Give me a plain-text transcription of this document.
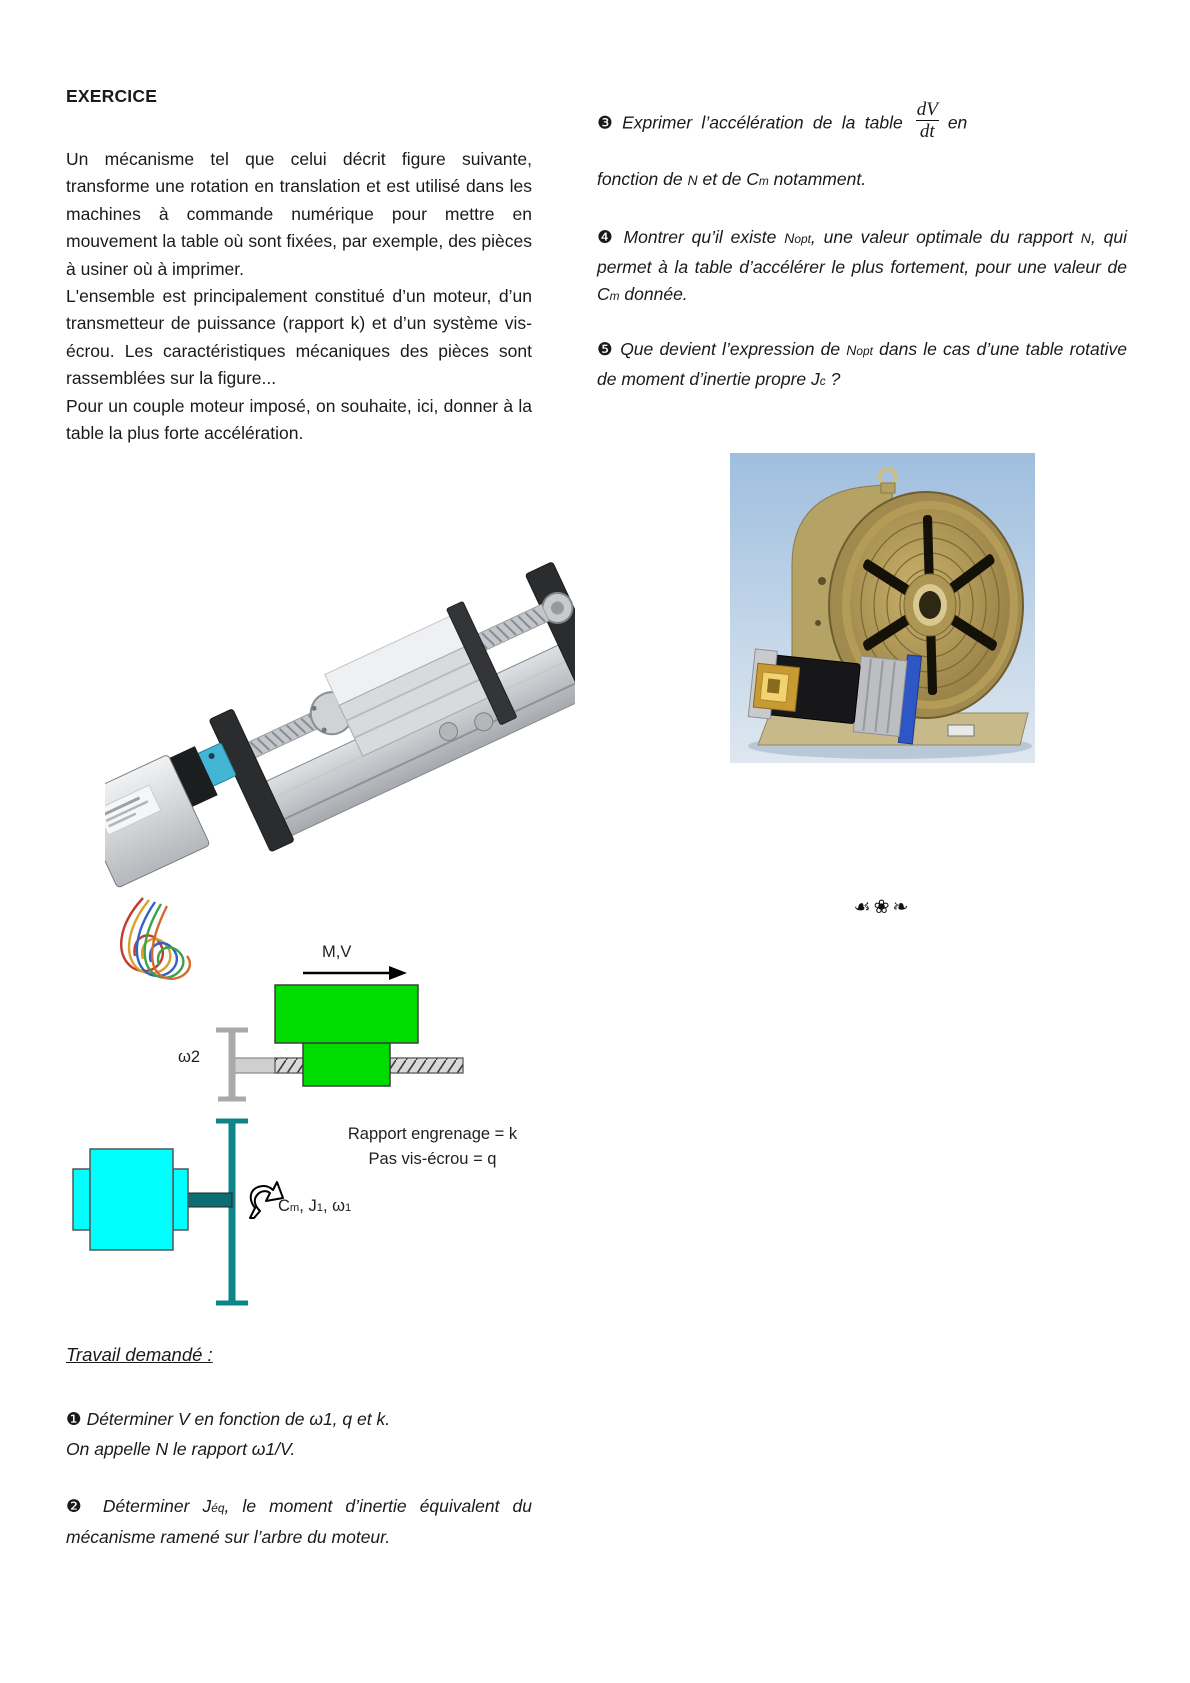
EXERCICE

Un mécanisme tel que celui décrit figure suivante, transforme une rotation en translation et est utilisé dans les machines à commande numérique pour mettre en mouvement la table où sont fixées, par exemple, des pièces à usiner où à imprimer.

L'ensemble est principalement constitué d’un moteur, d’un transmetteur de puissance (rapport k) et d’un système vis-écrou. Les caractéristiques mécaniques des pièces sont rassemblées sur la figure...

Pour un couple moteur imposé, on souhaite, ici, donner à la table la plus forte accélération.

M,V
ω2

Rapport engrenage = k

Pas vis-écrou = q

Cm, J1, ω1

Travail demandé :

❶ Déterminer V en fonction de ω1, q et k.

On appelle N le rapport ω1/V.

❷ Déterminer Jéq, le moment d’inertie équivalent du mécanisme ramené sur l’arbre du moteur.

❸ Exprimer l’accélération de la table $\frac{dV}{dt}$ en

fonction de N et de Cm notamment.

❹ Montrer qu’il existe Nopt, une valeur optimale du rapport N, qui permet à la table d’accélérer le plus fortement, pour une valeur de Cm donnée.

❺ Que devient l’expression de Nopt dans le cas d’une table rotative de moment d’inertie propre Jc ?

☙❀❧
